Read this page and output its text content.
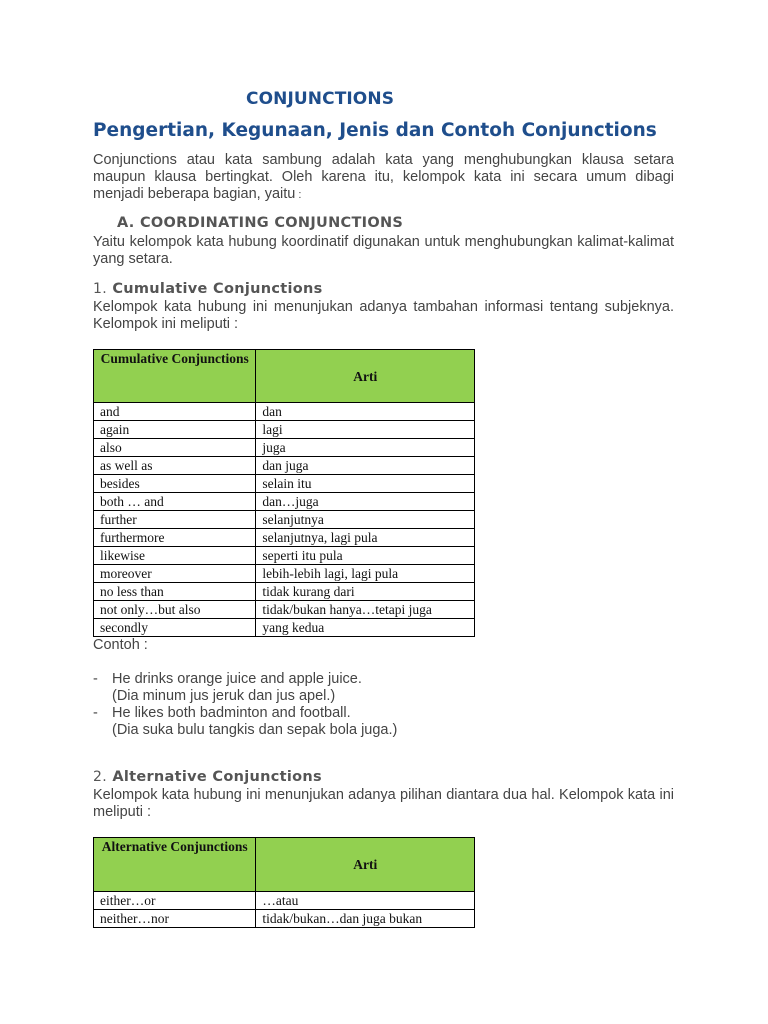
CONJUNCTIONS
Pengertian, Kegunaan, Jenis dan Contoh Conjunctions
Conjunctions atau kata sambung adalah kata yang menghubungkan klausa setara maupun klausa bertingkat. Oleh karena itu, kelompok kata ini secara umum dibagi menjadi beberapa bagian, yaitu :
A. COORDINATING CONJUNCTIONS
Yaitu kelompok kata hubung koordinatif digunakan untuk menghubungkan kalimat-kalimat yang setara.
1. Cumulative Conjunctions
Kelompok kata hubung ini menunjukan adanya tambahan informasi tentang subjeknya. Kelompok ini meliputi :
Cumulative Conjunctions	Arti
and	dan
again	lagi
also	juga
as well as	dan juga
besides	selain itu
both … and	dan…juga
further	selanjutnya
furthermore	selanjutnya, lagi pula
likewise	seperti itu pula
moreover	lebih-lebih lagi, lagi pula
no less than	tidak kurang dari
not only…but also	tidak/bukan hanya…tetapi juga
secondly	yang kedua
Contoh :
- He drinks orange juice and apple juice.
(Dia minum jus jeruk dan jus apel.)
- He likes both badminton and football.
(Dia suka bulu tangkis dan sepak bola juga.)
2. Alternative Conjunctions
Kelompok kata hubung ini menunjukan adanya pilihan diantara dua hal. Kelompok kata ini meliputi :
Alternative Conjunctions	Arti
either…or	…atau
neither…nor	tidak/bukan…dan juga bukan
